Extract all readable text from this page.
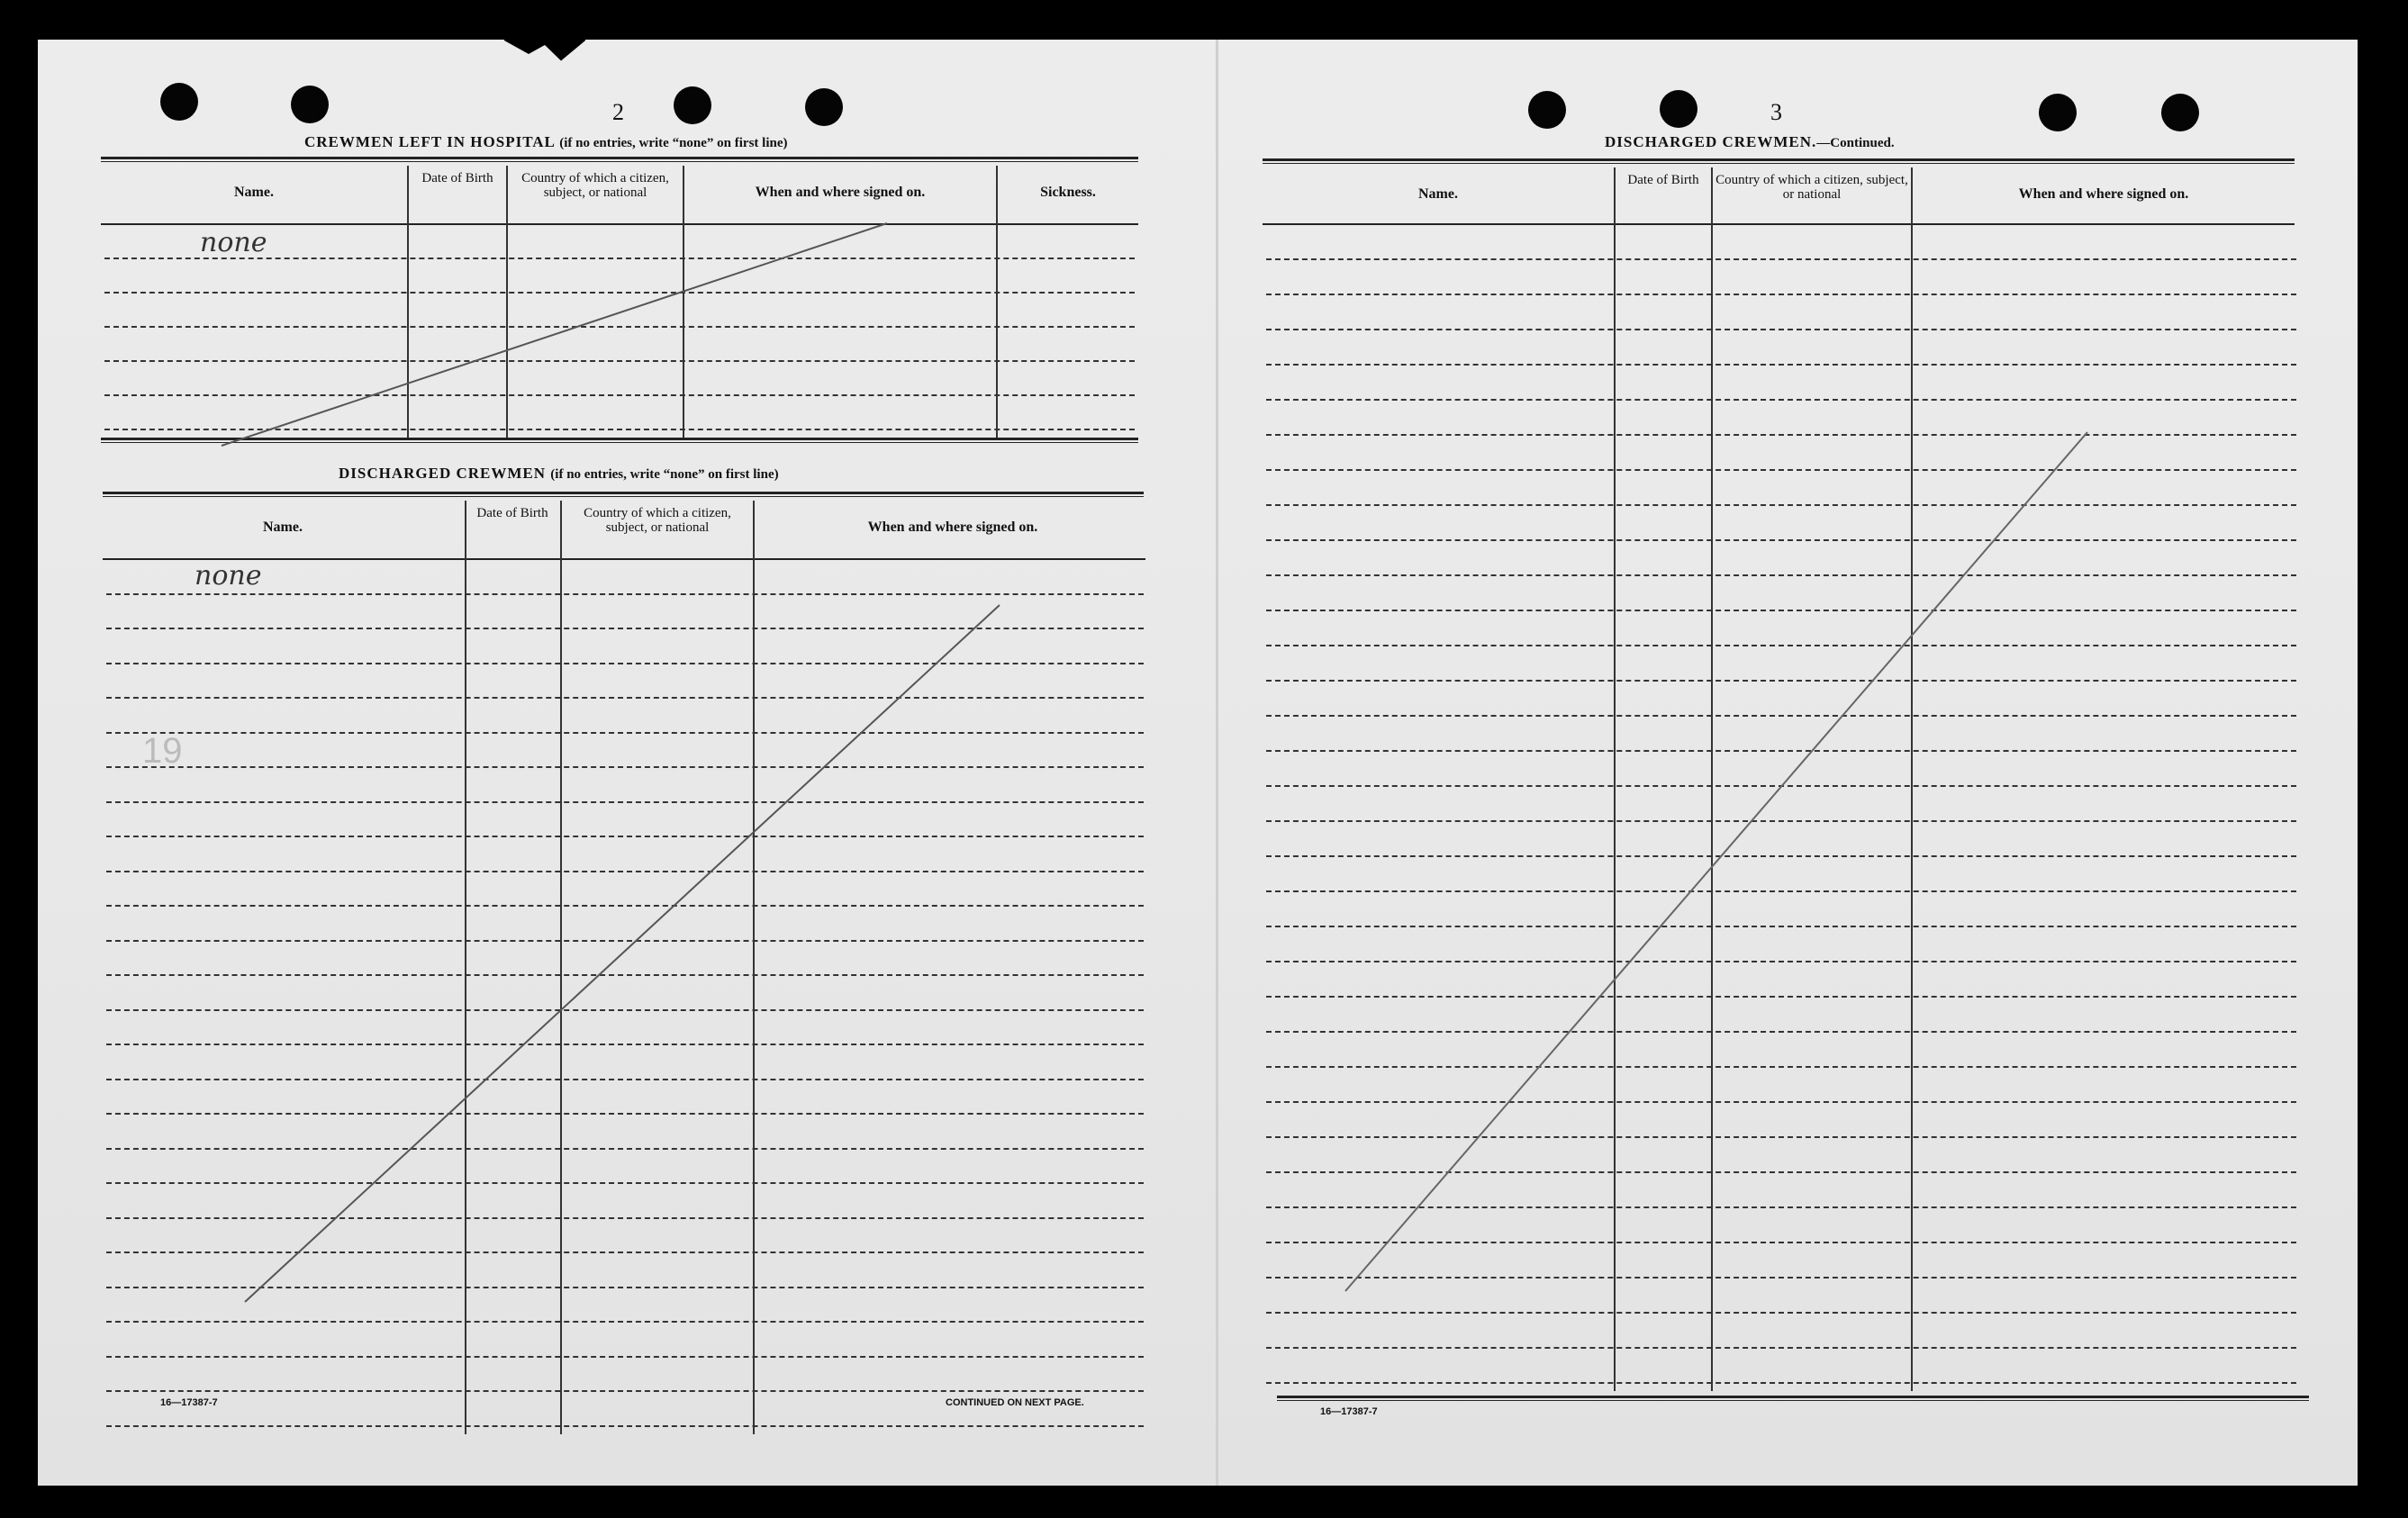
19
2
CREWMEN LEFT IN HOSPITAL (if no entries, write “none” on first line)
Name.
Date of Birth	Country of which a citizen, subject, or national	When and where signed on.	Sickness.
none
DISCHARGED CREWMEN (if no entries, write “none” on first line)
Name.
Date of Birth	Country of which a citizen, subject, or national	When and where signed on.
none
16—17387-7	CONTINUED ON NEXT PAGE.
3
DISCHARGED CREWMEN.—Continued.
Name.
Date of Birth	Country of which a citizen, subject, or national	When and where signed on.
16—17387-7
